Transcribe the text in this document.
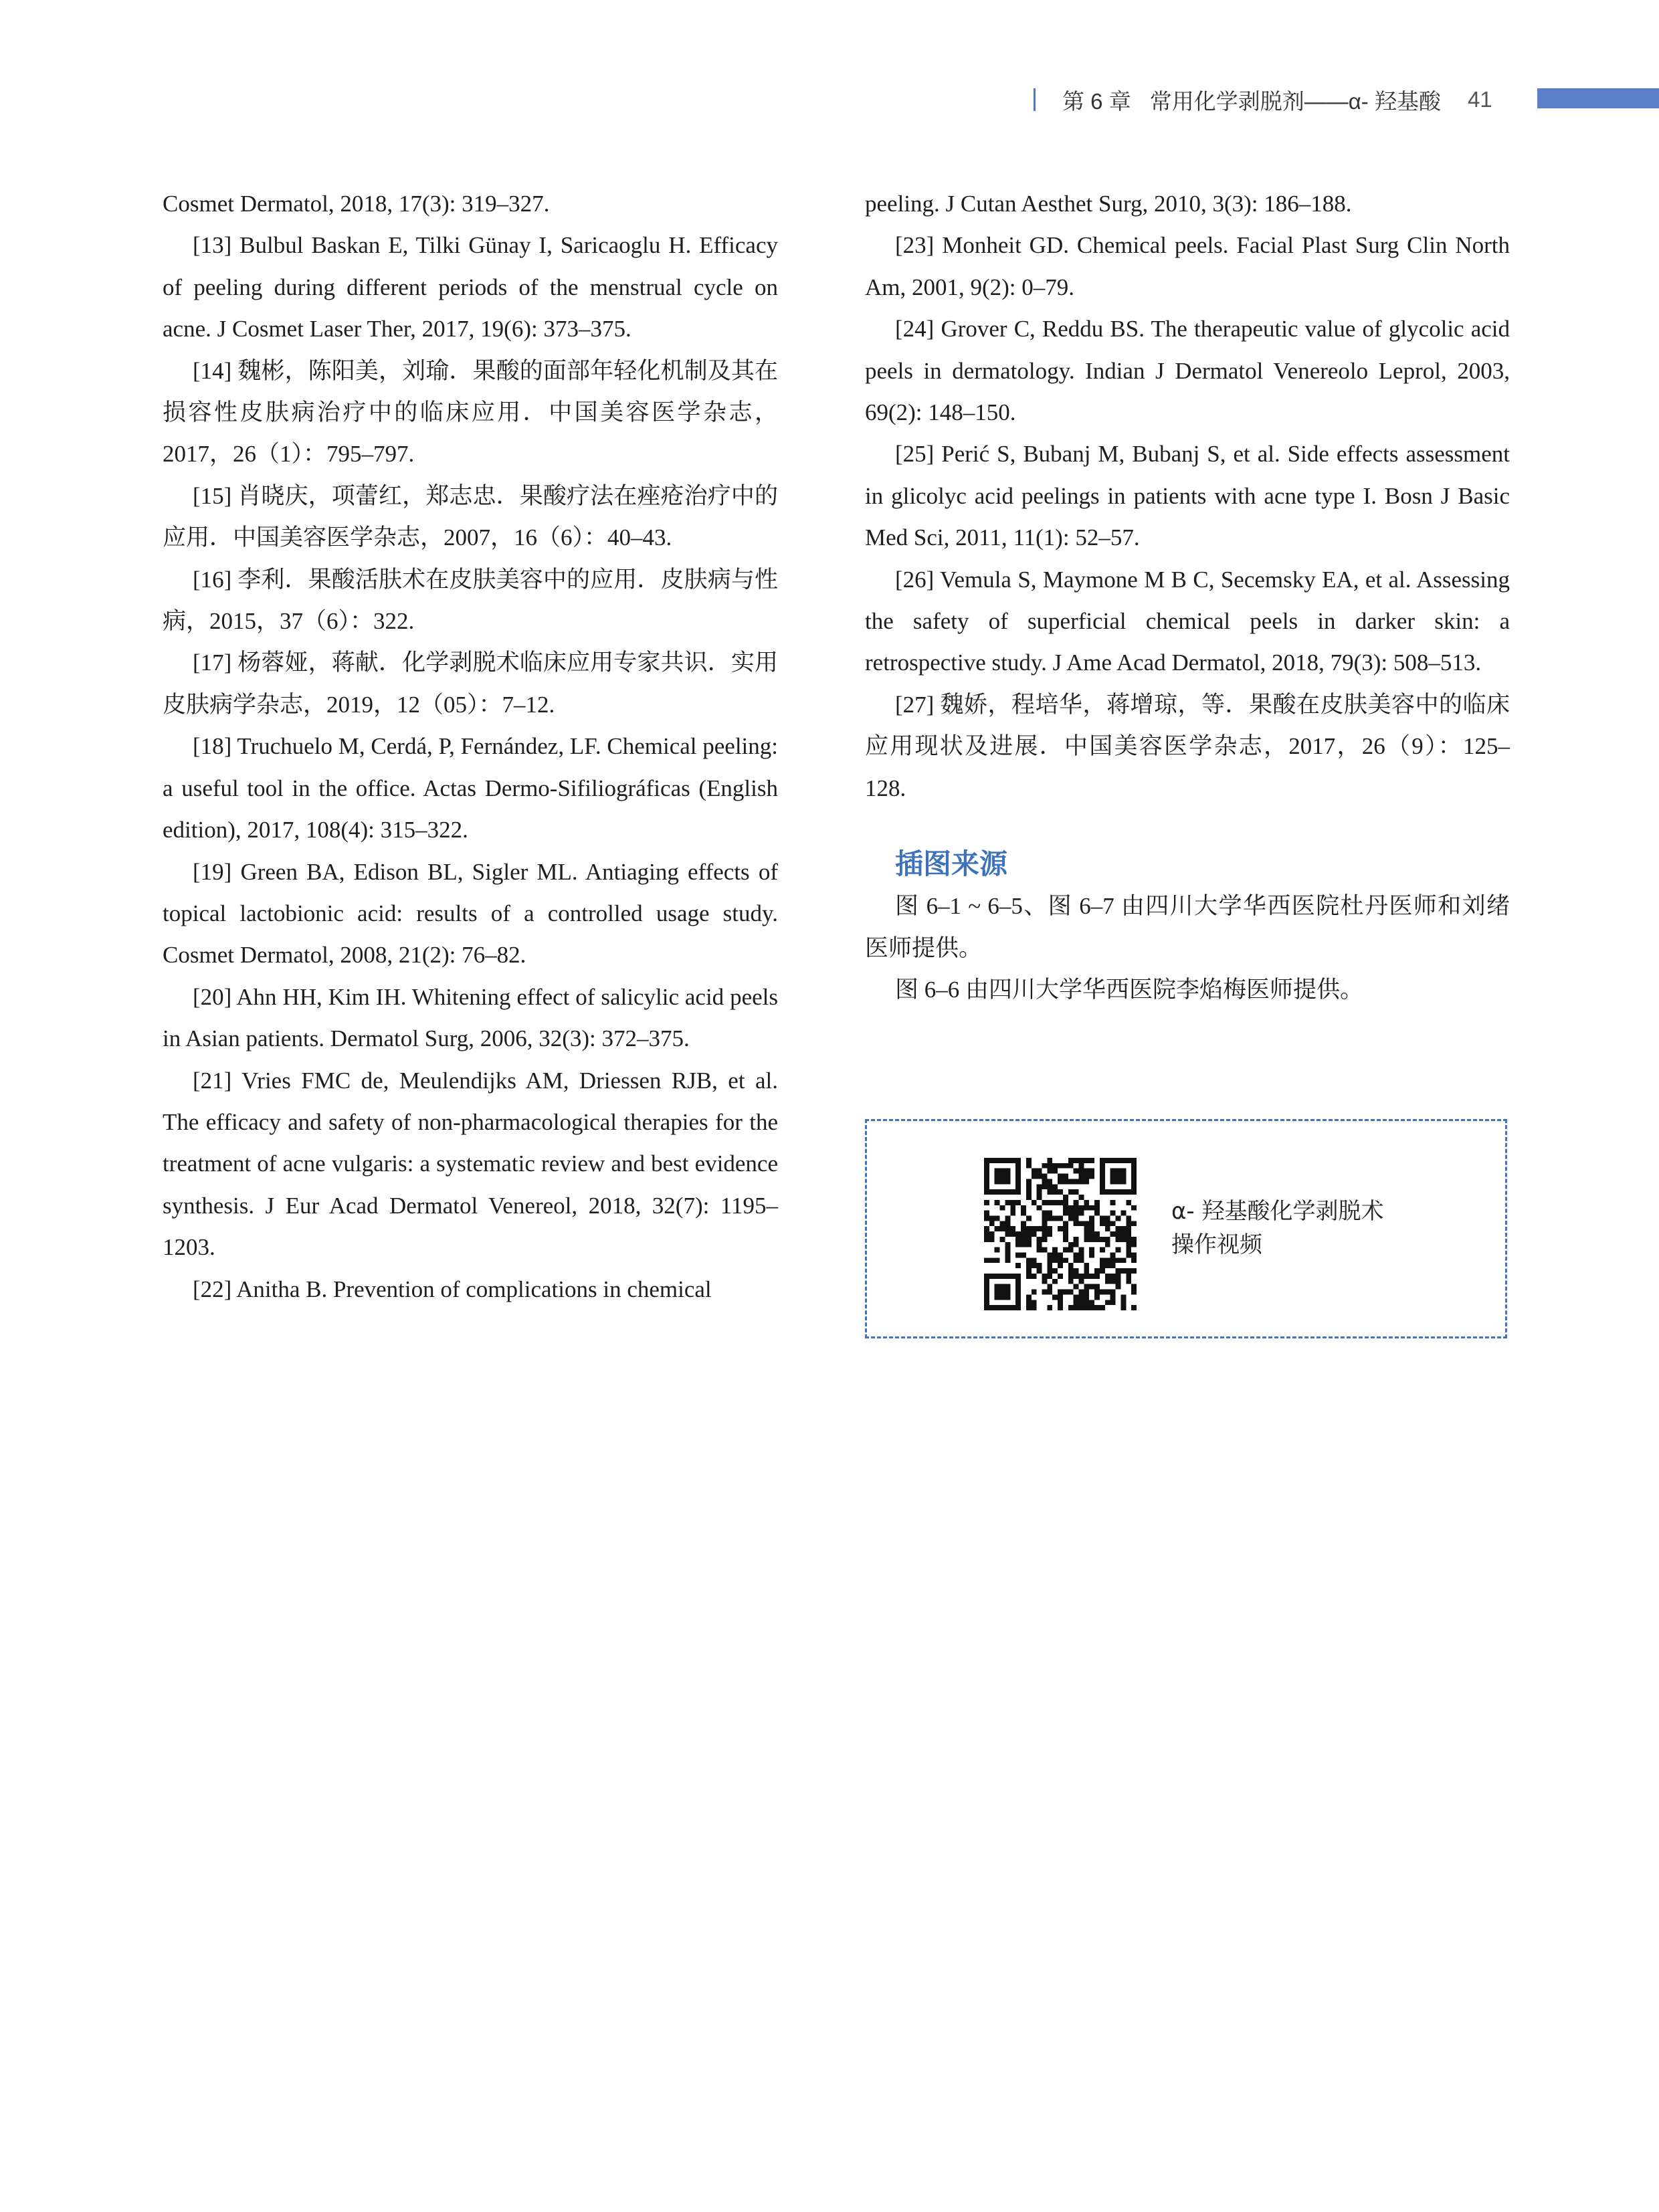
第 6 章 常用化学剥脱剂——α- 羟基酸 41

Cosmet Dermatol, 2018, 17(3): 319–327.

[13] Bulbul Baskan E, Tilki Günay I, Saricaoglu H. Efficacy of peeling during different periods of the menstrual cycle on acne. J Cosmet Laser Ther, 2017, 19(6): 373–375.

[14] 魏彬，陈阳美，刘瑜．果酸的面部年轻化机制及其在损容性皮肤病治疗中的临床应用．中国美容医学杂志，2017，26（1）：795–797.

[15] 肖晓庆，项蕾红，郑志忠．果酸疗法在痤疮治疗中的应用．中国美容医学杂志，2007，16（6）：40–43.

[16] 李利．果酸活肤术在皮肤美容中的应用．皮肤病与性病，2015，37（6）：322.

[17] 杨蓉娅，蒋献．化学剥脱术临床应用专家共识．实用皮肤病学杂志，2019，12（05）：7–12.

[18] Truchuelo M, Cerdá, P, Fernández, LF. Chemical peeling: a useful tool in the office. Actas Dermo-Sifiliográficas (English edition), 2017, 108(4): 315–322.

[19] Green BA, Edison BL, Sigler ML. Antiaging effects of topical lactobionic acid: results of a controlled usage study. Cosmet Dermatol, 2008, 21(2): 76–82.

[20] Ahn HH, Kim IH. Whitening effect of salicylic acid peels in Asian patients. Dermatol Surg, 2006, 32(3): 372–375.

[21] Vries FMC de, Meulendijks AM, Driessen RJB, et al. The efficacy and safety of non-pharmacological therapies for the treatment of acne vulgaris: a systematic review and best evidence synthesis. J Eur Acad Dermatol Venereol, 2018, 32(7): 1195–1203.

[22] Anitha B. Prevention of complications in chemical

peeling. J Cutan Aesthet Surg, 2010, 3(3): 186–188.

[23] Monheit GD. Chemical peels. Facial Plast Surg Clin North Am, 2001, 9(2): 0–79.

[24] Grover C, Reddu BS. The therapeutic value of glycolic acid peels in dermatology. Indian J Dermatol Venereolo Leprol, 2003, 69(2): 148–150.

[25] Perić S, Bubanj M, Bubanj S, et al. Side effects assessment in glicolyc acid peelings in patients with acne type I. Bosn J Basic Med Sci, 2011, 11(1): 52–57.

[26] Vemula S, Maymone M B C, Secemsky EA, et al. Assessing the safety of superficial chemical peels in darker skin: a retrospective study. J Ame Acad Dermatol, 2018, 79(3): 508–513.

[27] 魏娇，程培华，蒋增琼，等．果酸在皮肤美容中的临床应用现状及进展．中国美容医学杂志，2017，26（9）：125–128.

插图来源

图 6–1 ~ 6–5、图 6–7 由四川大学华西医院杜丹医师和刘绪医师提供。

图 6–6 由四川大学华西医院李焰梅医师提供。

α- 羟基酸化学剥脱术
操作视频
